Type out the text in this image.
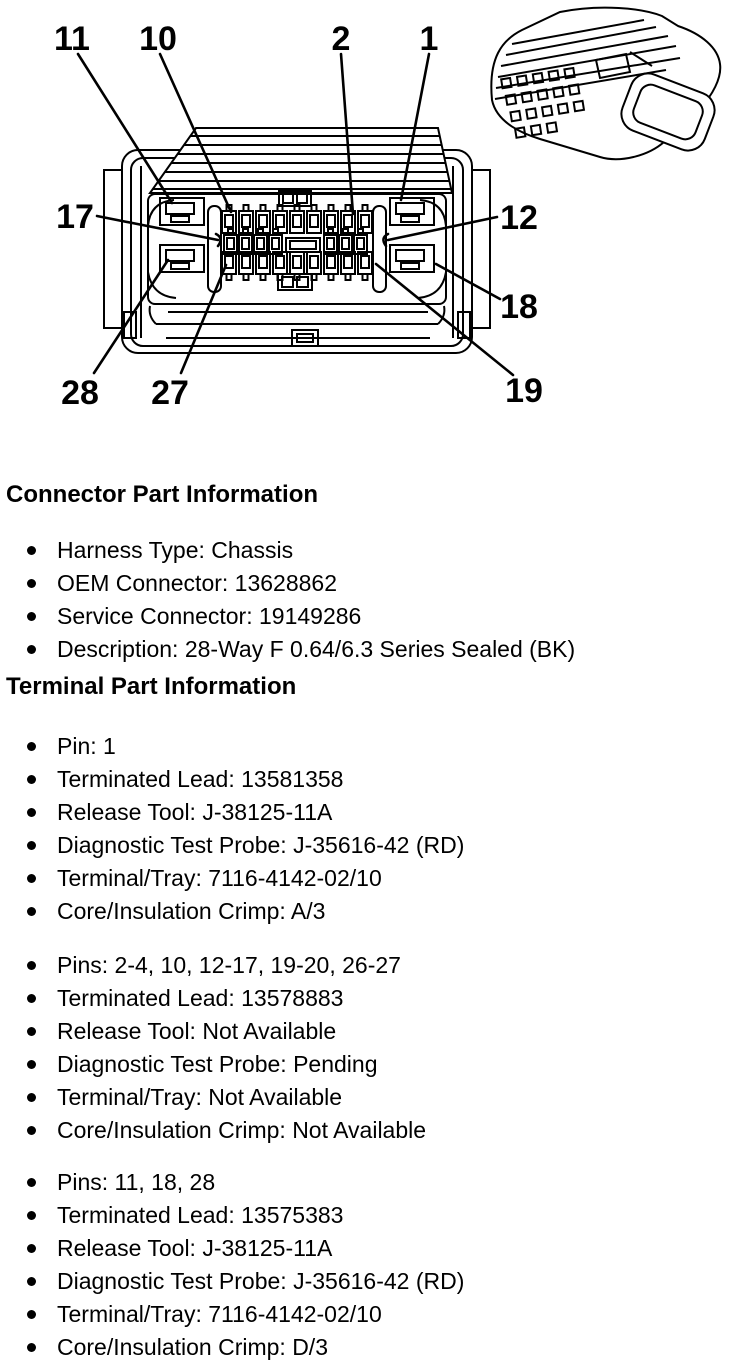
11 10	2 1
17	12
18
19
27
28
Connector Part Information
Harness Type: Chassis
OEM Connector: 13628862
Service Connector: 19149286
Description: 28-Way F 0.64/6.3 Series Sealed (BK)
Terminal Part Information
Pin: 1
Terminated Lead: 13581358
Release Tool: J-38125-11A
Diagnostic Test Probe: J-35616-42 (RD)
Terminal/Tray: 7116-4142-02/10
Core/Insulation Crimp: A/3
Pins: 2-4, 10, 12-17, 19-20, 26-27
Terminated Lead: 13578883
Release Tool: Not Available
Diagnostic Test Probe: Pending
Terminal/Tray: Not Available
Core/Insulation Crimp: Not Available
Pins: 11, 18, 28
Terminated Lead: 13575383
Release Tool: J-38125-11A
Diagnostic Test Probe: J-35616-42 (RD)
Terminal/Tray: 7116-4142-02/10
Core/Insulation Crimp: D/3
